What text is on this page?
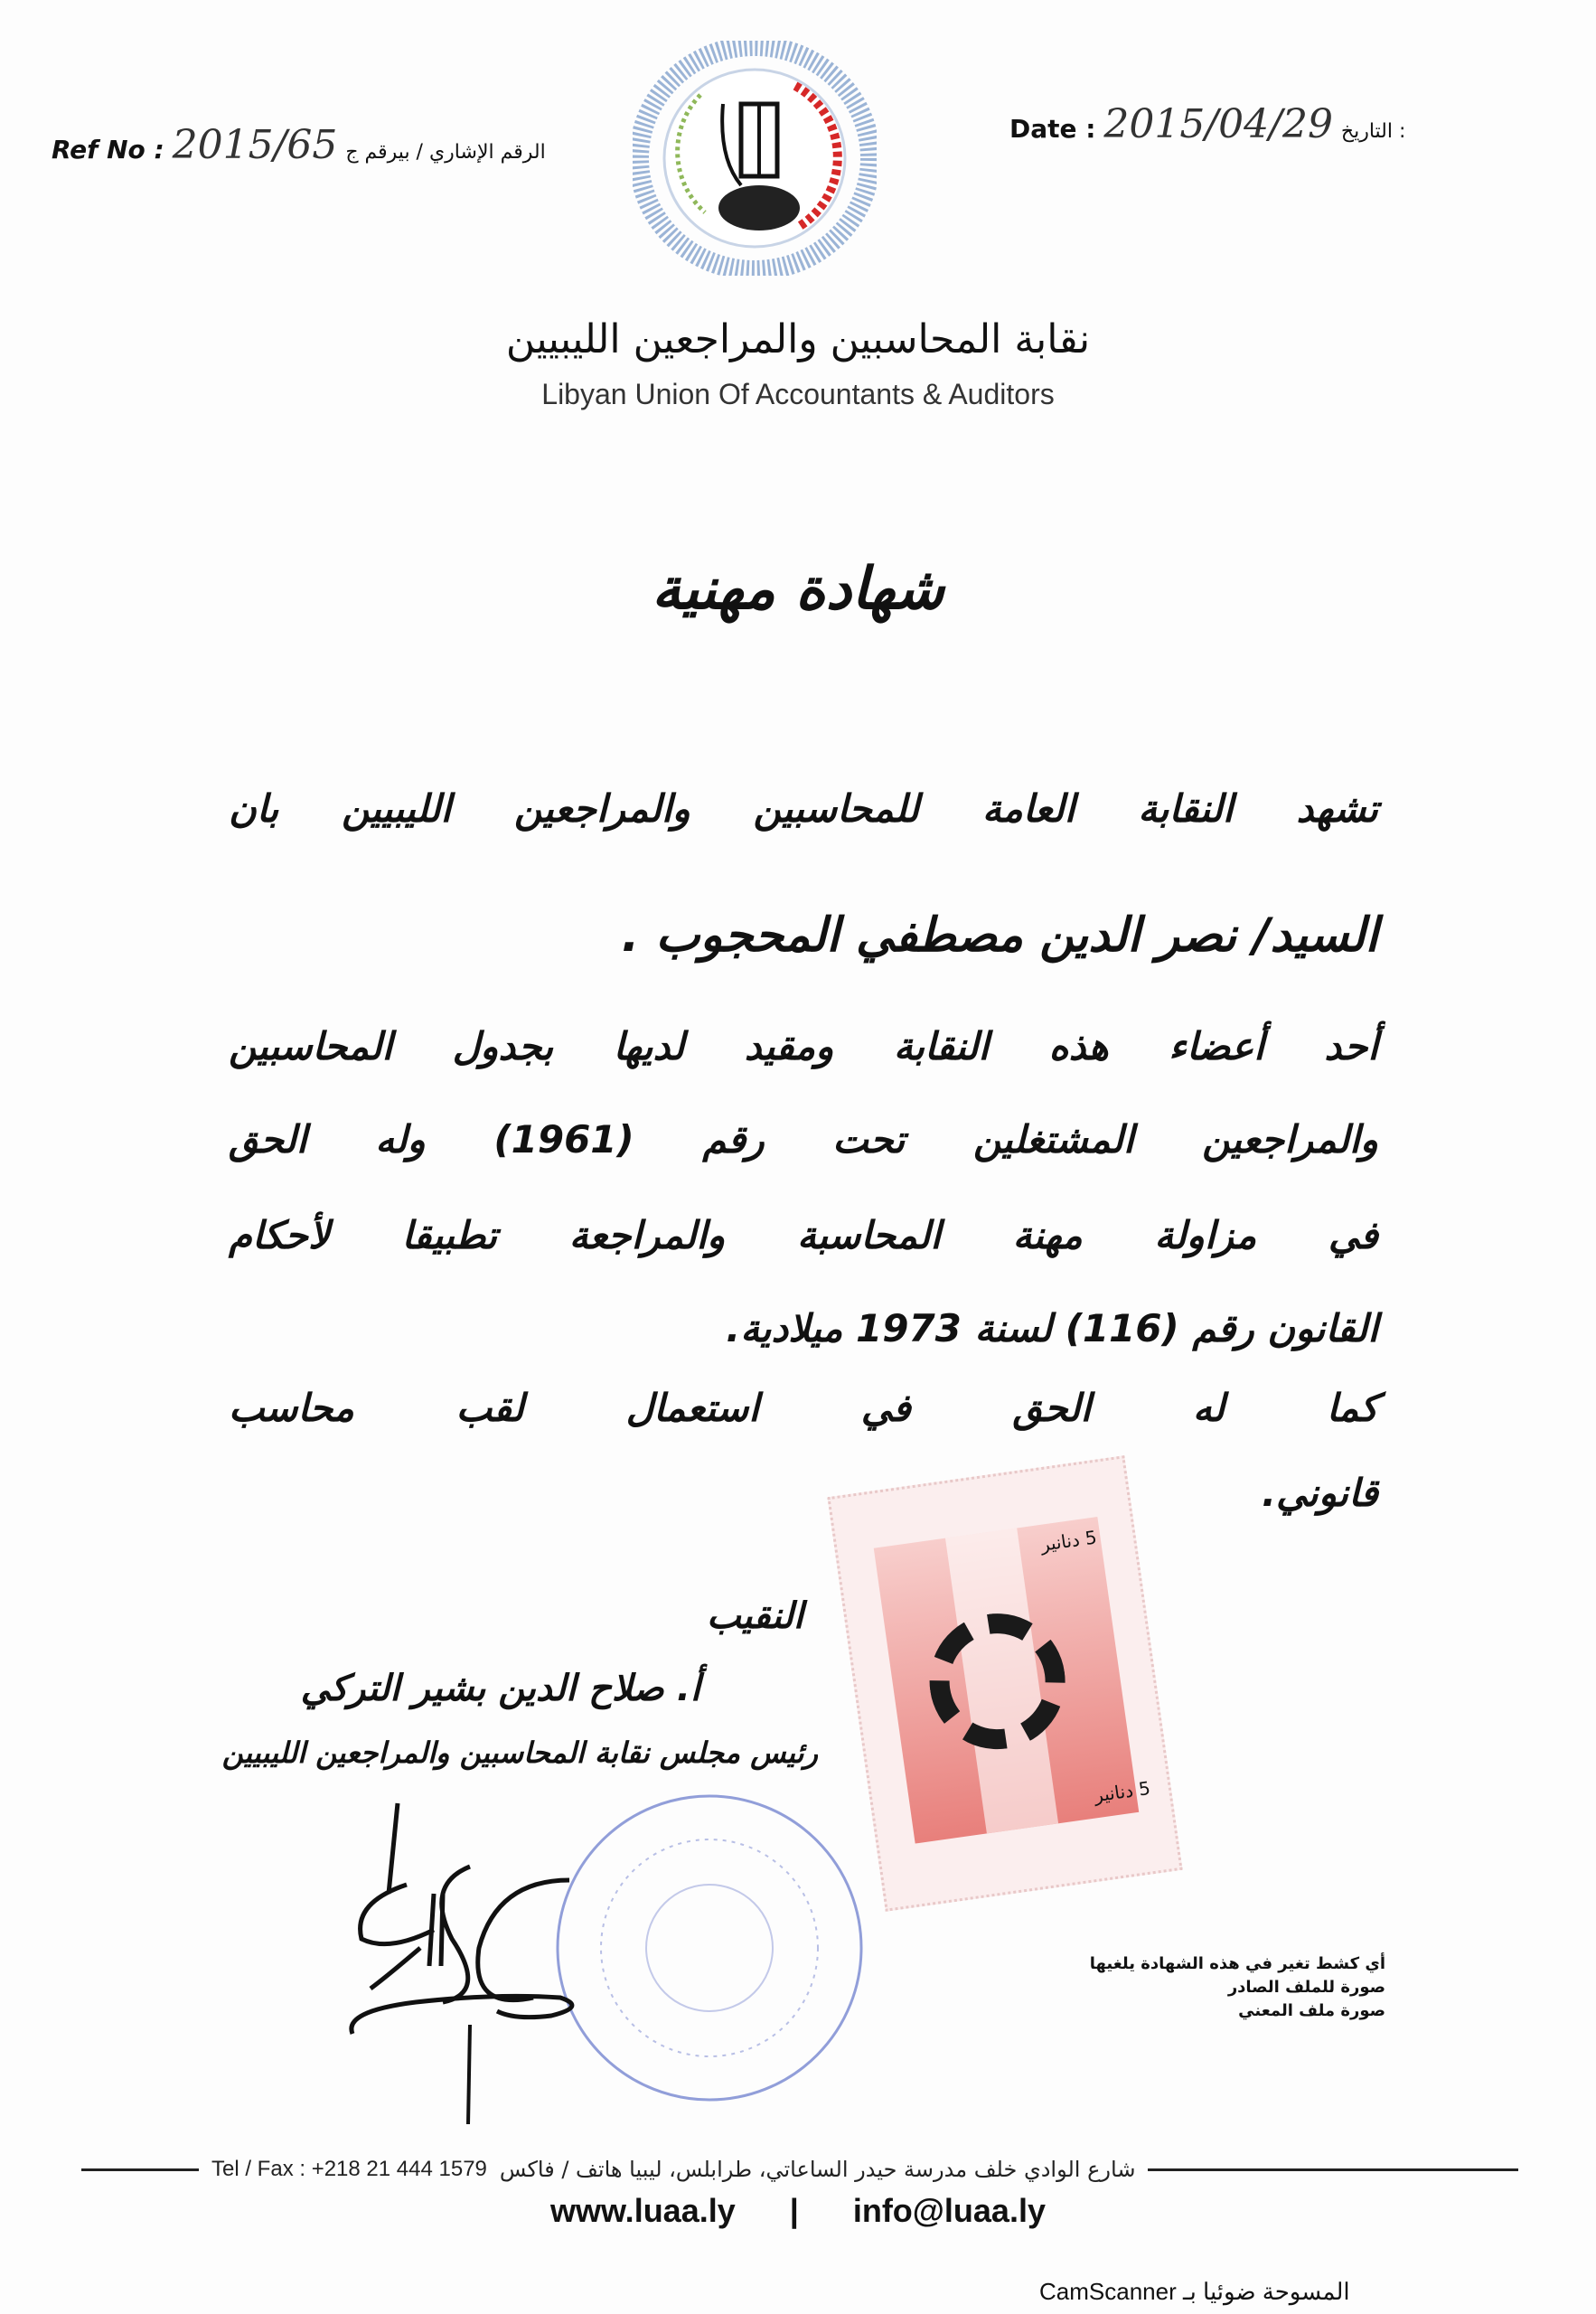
Ref No : 2015/65 الرقم الإشاري / بيرقم ج
Date : 2015/04/29 التاريخ :
نقابة المحاسبين والمراجعين الليبيين
Libyan Union Of Accountants & Auditors
شهادة مهنية
تشهد النقابة العامة للمحاسبين والمراجعين الليبيين بان
السيد/ نصر الدين مصطفي المحجوب .
أحد أعضاء هذه النقابة ومقيد لديها بجدول المحاسبين
والمراجعين المشتغلين تحت رقم (1961) وله الحق
في مزاولة مهنة المحاسبة والمراجعة تطبيقا لأحكام
القانون رقم (116) لسنة 1973 ميلادية.
كما له الحق في استعمال لقب محاسب
قانوني.
5 دنانير
5 دنانير
النقيب
أ. صلاح الدين بشير التركي
رئيس مجلس نقابة المحاسبين والمراجعين الليبيين
أي كشط تغير في هذه الشهادة يلغيها
صورة للملف الصادر
صورة ملف المعني
Tel / Fax : +218 21 444 1579 شارع الوادي خلف مدرسة حيدر الساعاتي، طرابلس، ليبيا هاتف / فاكس
www.luaa.ly | info@luaa.ly
المسوحة ضوئيا بـ CamScanner
